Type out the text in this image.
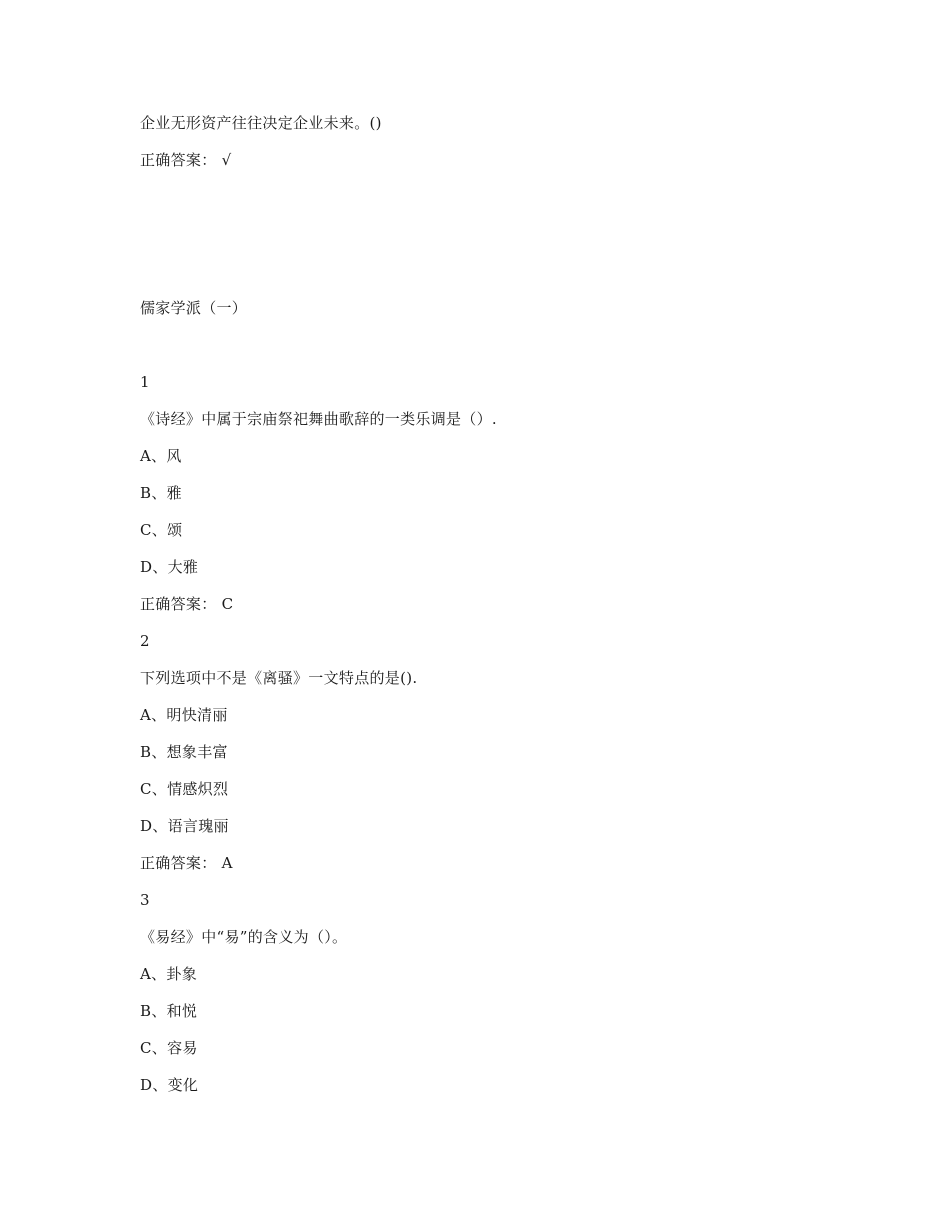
企业无形资产往往决定企业未来。()
正确答案： √
儒家学派（一）
1
《诗经》中属于宗庙祭祀舞曲歌辞的一类乐调是（）.
A、风
B、雅
C、颂
D、大雅
正确答案： C
2
下列选项中不是《离骚》一文特点的是().
A、明快清丽
B、想象丰富
C、情感炽烈
D、语言瑰丽
正确答案： A
3
《易经》中“易”的含义为（）。
A、卦象
B、和悦
C、容易
D、变化
